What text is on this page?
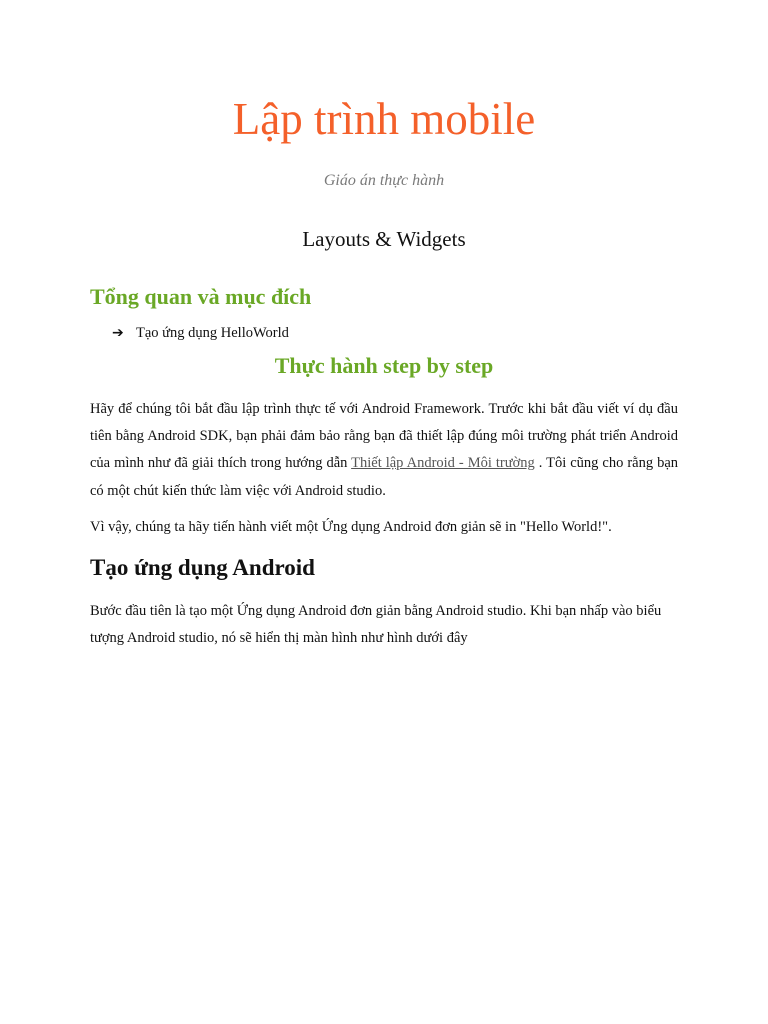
Lập trình mobile
Giáo án thực hành
Layouts & Widgets
Tổng quan và mục đích
➔ Tạo ứng dụng HelloWorld
Thực hành step by step

Hãy để chúng tôi bắt đầu lập trình thực tế với Android Framework. Trước khi bắt đầu viết ví dụ đầu tiên bằng Android SDK, bạn phải đảm bảo rằng bạn đã thiết lập đúng môi trường phát triển Android của mình như đã giải thích trong hướng dẫn Thiết lập Android - Môi trường . Tôi cũng cho rằng bạn có một chút kiến thức làm việc với Android studio.

Vì vậy, chúng ta hãy tiến hành viết một Ứng dụng Android đơn giản sẽ in "Hello World!".

Tạo ứng dụng Android

Bước đầu tiên là tạo một Ứng dụng Android đơn giản bằng Android studio. Khi bạn nhấp vào biểu tượng Android studio, nó sẽ hiển thị màn hình như hình dưới đây
